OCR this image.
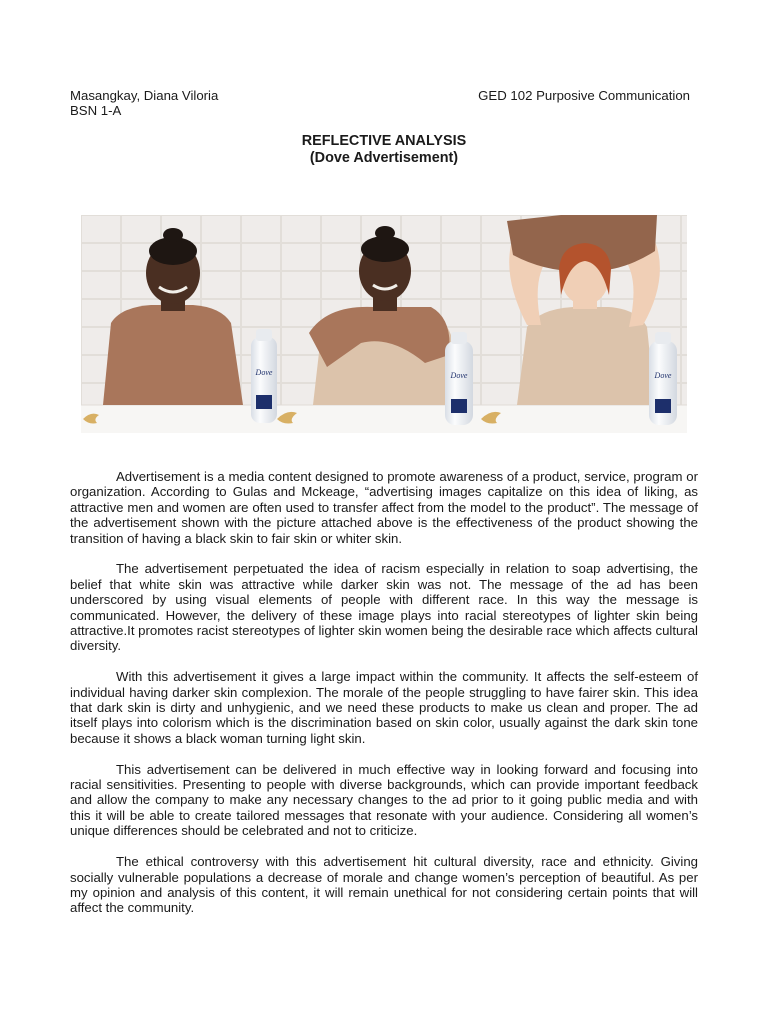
Masangkay, Diana Viloria
BSN 1-A
GED 102 Purposive Communication
REFLECTIVE ANALYSIS
(Dove Advertisement)
Dove	Dove	Dove

Advertisement is a media content designed to promote awareness of a product, service, program or organization. According to Gulas and Mckeage, “advertising images capitalize on this idea of liking, as attractive men and women are often used to transfer affect from the model to the product”. The message of the advertisement shown with the picture attached above is the effectiveness of the product showing the transition of having a black skin to fair skin or whiter skin.

The advertisement perpetuated the idea of racism especially in relation to soap advertising, the belief that white skin was attractive while darker skin was not. The message of the ad has been underscored by using visual elements of people with different race. In this way the message is communicated. However, the delivery of these image plays into racial stereotypes of lighter skin being attractive.It promotes racist stereotypes of lighter skin women being the desirable race which affects cultural diversity.

With this advertisement it gives a large impact within the community. It affects the self-esteem of individual having darker skin complexion. The morale of the people struggling to have fairer skin. This idea that dark skin is dirty and unhygienic, and we need these products to make us clean and proper. The ad itself plays into colorism which is the discrimination based on skin color, usually against the dark skin tone because it shows a black woman turning light skin.

This advertisement can be delivered in much effective way in looking forward and focusing into racial sensitivities. Presenting to people with diverse backgrounds, which can provide important feedback and allow the company to make any necessary changes to the ad prior to it going public media and with this it will be able to create tailored messages that resonate with your audience. Considering all women’s unique differences should be celebrated and not to criticize.

The ethical controversy with this advertisement hit cultural diversity, race and ethnicity. Giving socially vulnerable populations a decrease of morale and change women’s perception of beautiful. As per my opinion and analysis of this content, it will remain unethical for not considering certain points that will affect the community.
